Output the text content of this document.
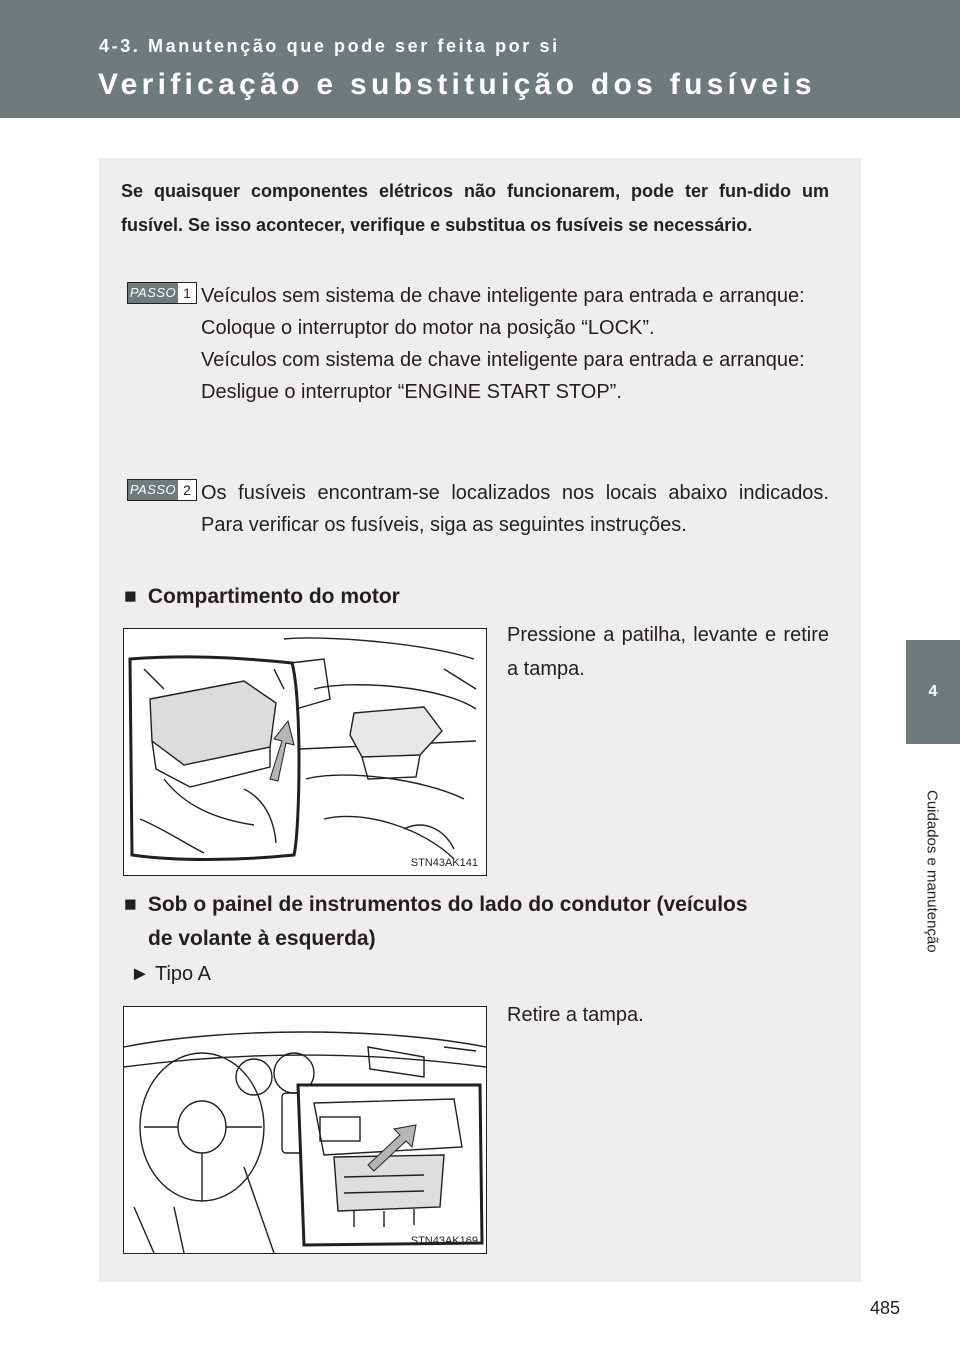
4-3. Manutenção que pode ser feita por si
Verificação e substituição dos fusíveis
4
Cuidados e manutenção
Se quaisquer componentes elétricos não funcionarem, pode ter fun-dido um fusível. Se isso acontecer, verifique e substitua os fusíveis se necessário.
PASSO 1 Veículos sem sistema de chave inteligente para entrada e arranque:

Coloque o interruptor do motor na posição “LOCK”.

Veículos com sistema de chave inteligente para entrada e arranque:

Desligue o interruptor “ENGINE START STOP”.

PASSO 2 Os fusíveis encontram-se localizados nos locais abaixo indicados. Para verificar os fusíveis, siga as seguintes instruções.

■ Compartimento do motor
STN43AK141
Pressione a patilha, levante e retire a tampa.
■ Sob o painel de instrumentos do lado do condutor (veículos
de volante à esquerda)
► Tipo A
STN43AK169
Retire a tampa.
485
